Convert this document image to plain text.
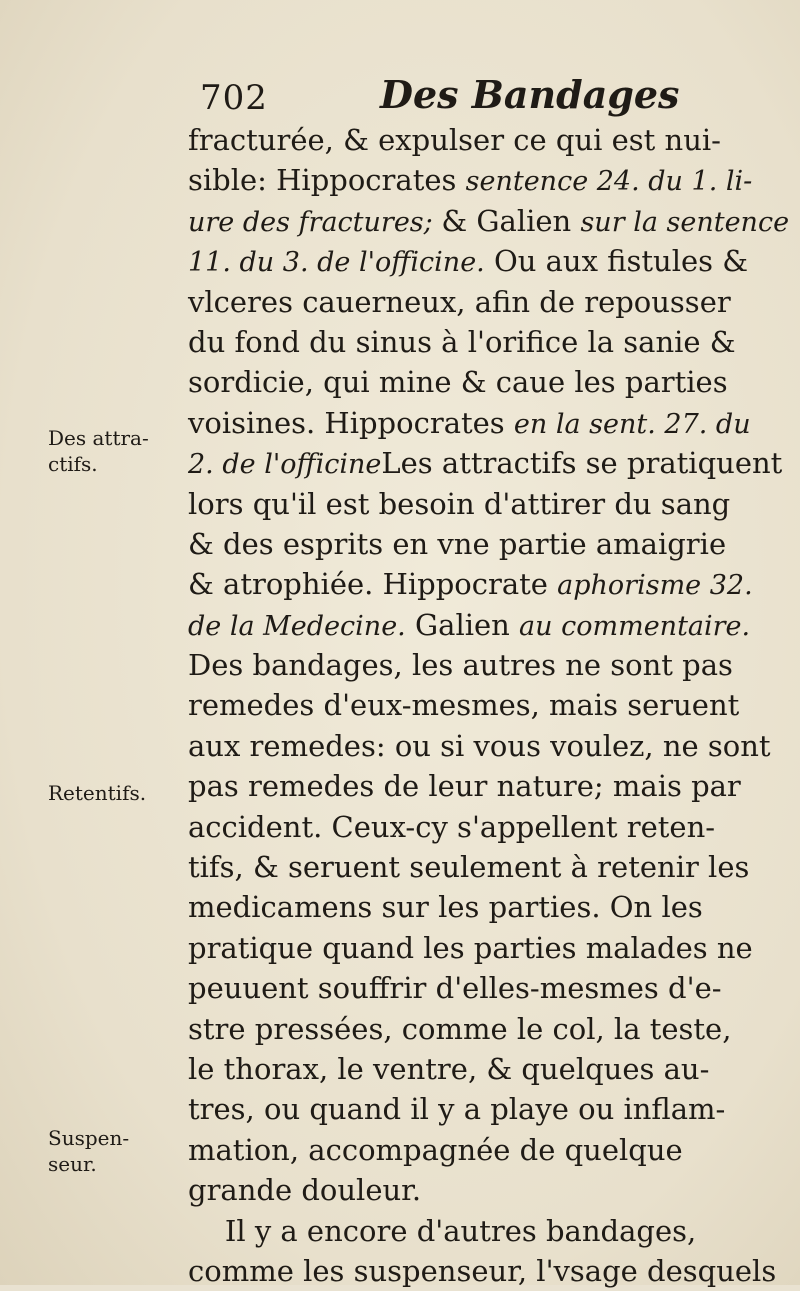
702	Des Bandages
fracturée, & expulser ce qui est nui-
sible: Hippocrates sentence 24. du 1. li-
ure des fractures; & Galien sur la sentence
11. du 3. de l'officine. Ou aux fistules &
vlceres cauerneux, afin de repousser
du fond du sinus à l'orifice la sanie &
sordicie, qui mine & caue les parties
voisines. Hippocrates en la sent. 27. du
2. de l'officineLes attractifs se pratiquent
lors qu'il est besoin d'attirer du sang
& des esprits en vne partie amaigrie
& atrophiée. Hippocrate aphorisme 32.
de la Medecine. Galien au commentaire.
Des bandages, les autres ne sont pas
remedes d'eux-mesmes, mais seruent
aux remedes: ou si vous voulez, ne sont
pas remedes de leur nature; mais par
accident. Ceux-cy s'appellent reten-
tifs, & seruent seulement à retenir les
medicamens sur les parties. On les
pratique quand les parties malades ne
peuuent souffrir d'elles-mesmes d'e-
stre pressées, comme le col, la teste,
le thorax, le ventre, & quelques au-
tres, ou quand il y a playe ou inflam-
mation, accompagnée de quelque
grande douleur.
Il y a encore d'autres bandages,
comme les suspenseur, l'vsage desquels
Des attra-
ctifs.
Retentifs.
Suspen-
seur.
